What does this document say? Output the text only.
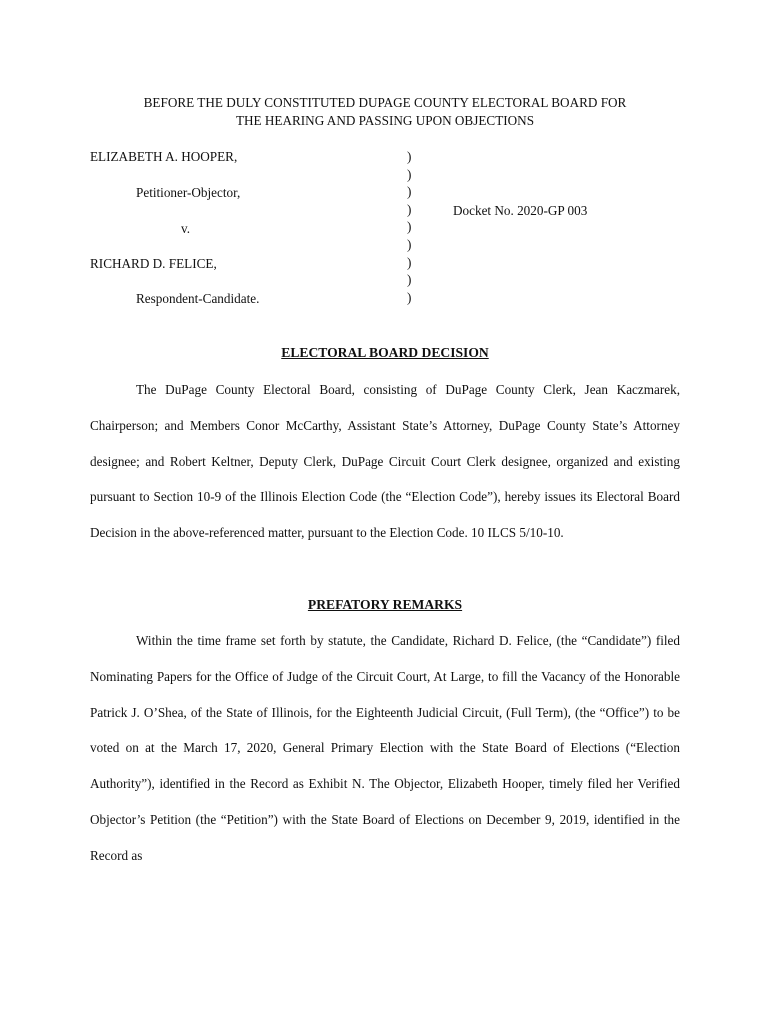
BEFORE THE DULY CONSTITUTED DUPAGE COUNTY ELECTORAL BOARD FOR
THE HEARING AND PASSING UPON OBJECTIONS
ELIZABETH A. HOOPER,
Petitioner-Objector,
v.
RICHARD D. FELICE,
Respondent-Candidate.
)
)
)
)
)
)
)
)
)
Docket No. 2020-GP 003
ELECTORAL BOARD DECISION

The DuPage County Electoral Board, consisting of DuPage County Clerk, Jean Kaczmarek, Chairperson; and Members Conor McCarthy, Assistant State’s Attorney, DuPage County State’s Attorney designee; and Robert Keltner, Deputy Clerk, DuPage Circuit Court Clerk designee, organized and existing pursuant to Section 10-9 of the Illinois Election Code (the “Election Code”), hereby issues its Electoral Board Decision in the above-referenced matter, pursuant to the Election Code. 10 ILCS 5/10-10.

PREFATORY REMARKS

Within the time frame set forth by statute, the Candidate, Richard D. Felice, (the “Candidate”) filed Nominating Papers for the Office of Judge of the Circuit Court, At Large, to fill the Vacancy of the Honorable Patrick J. O’Shea, of the State of Illinois, for the Eighteenth Judicial Circuit, (Full Term), (the “Office”) to be voted on at the March 17, 2020, General Primary Election with the State Board of Elections (“Election Authority”), identified in the Record as Exhibit N. The Objector, Elizabeth Hooper, timely filed her Verified Objector’s Petition (the “Petition”) with the State Board of Elections on December 9, 2019, identified in the Record as
